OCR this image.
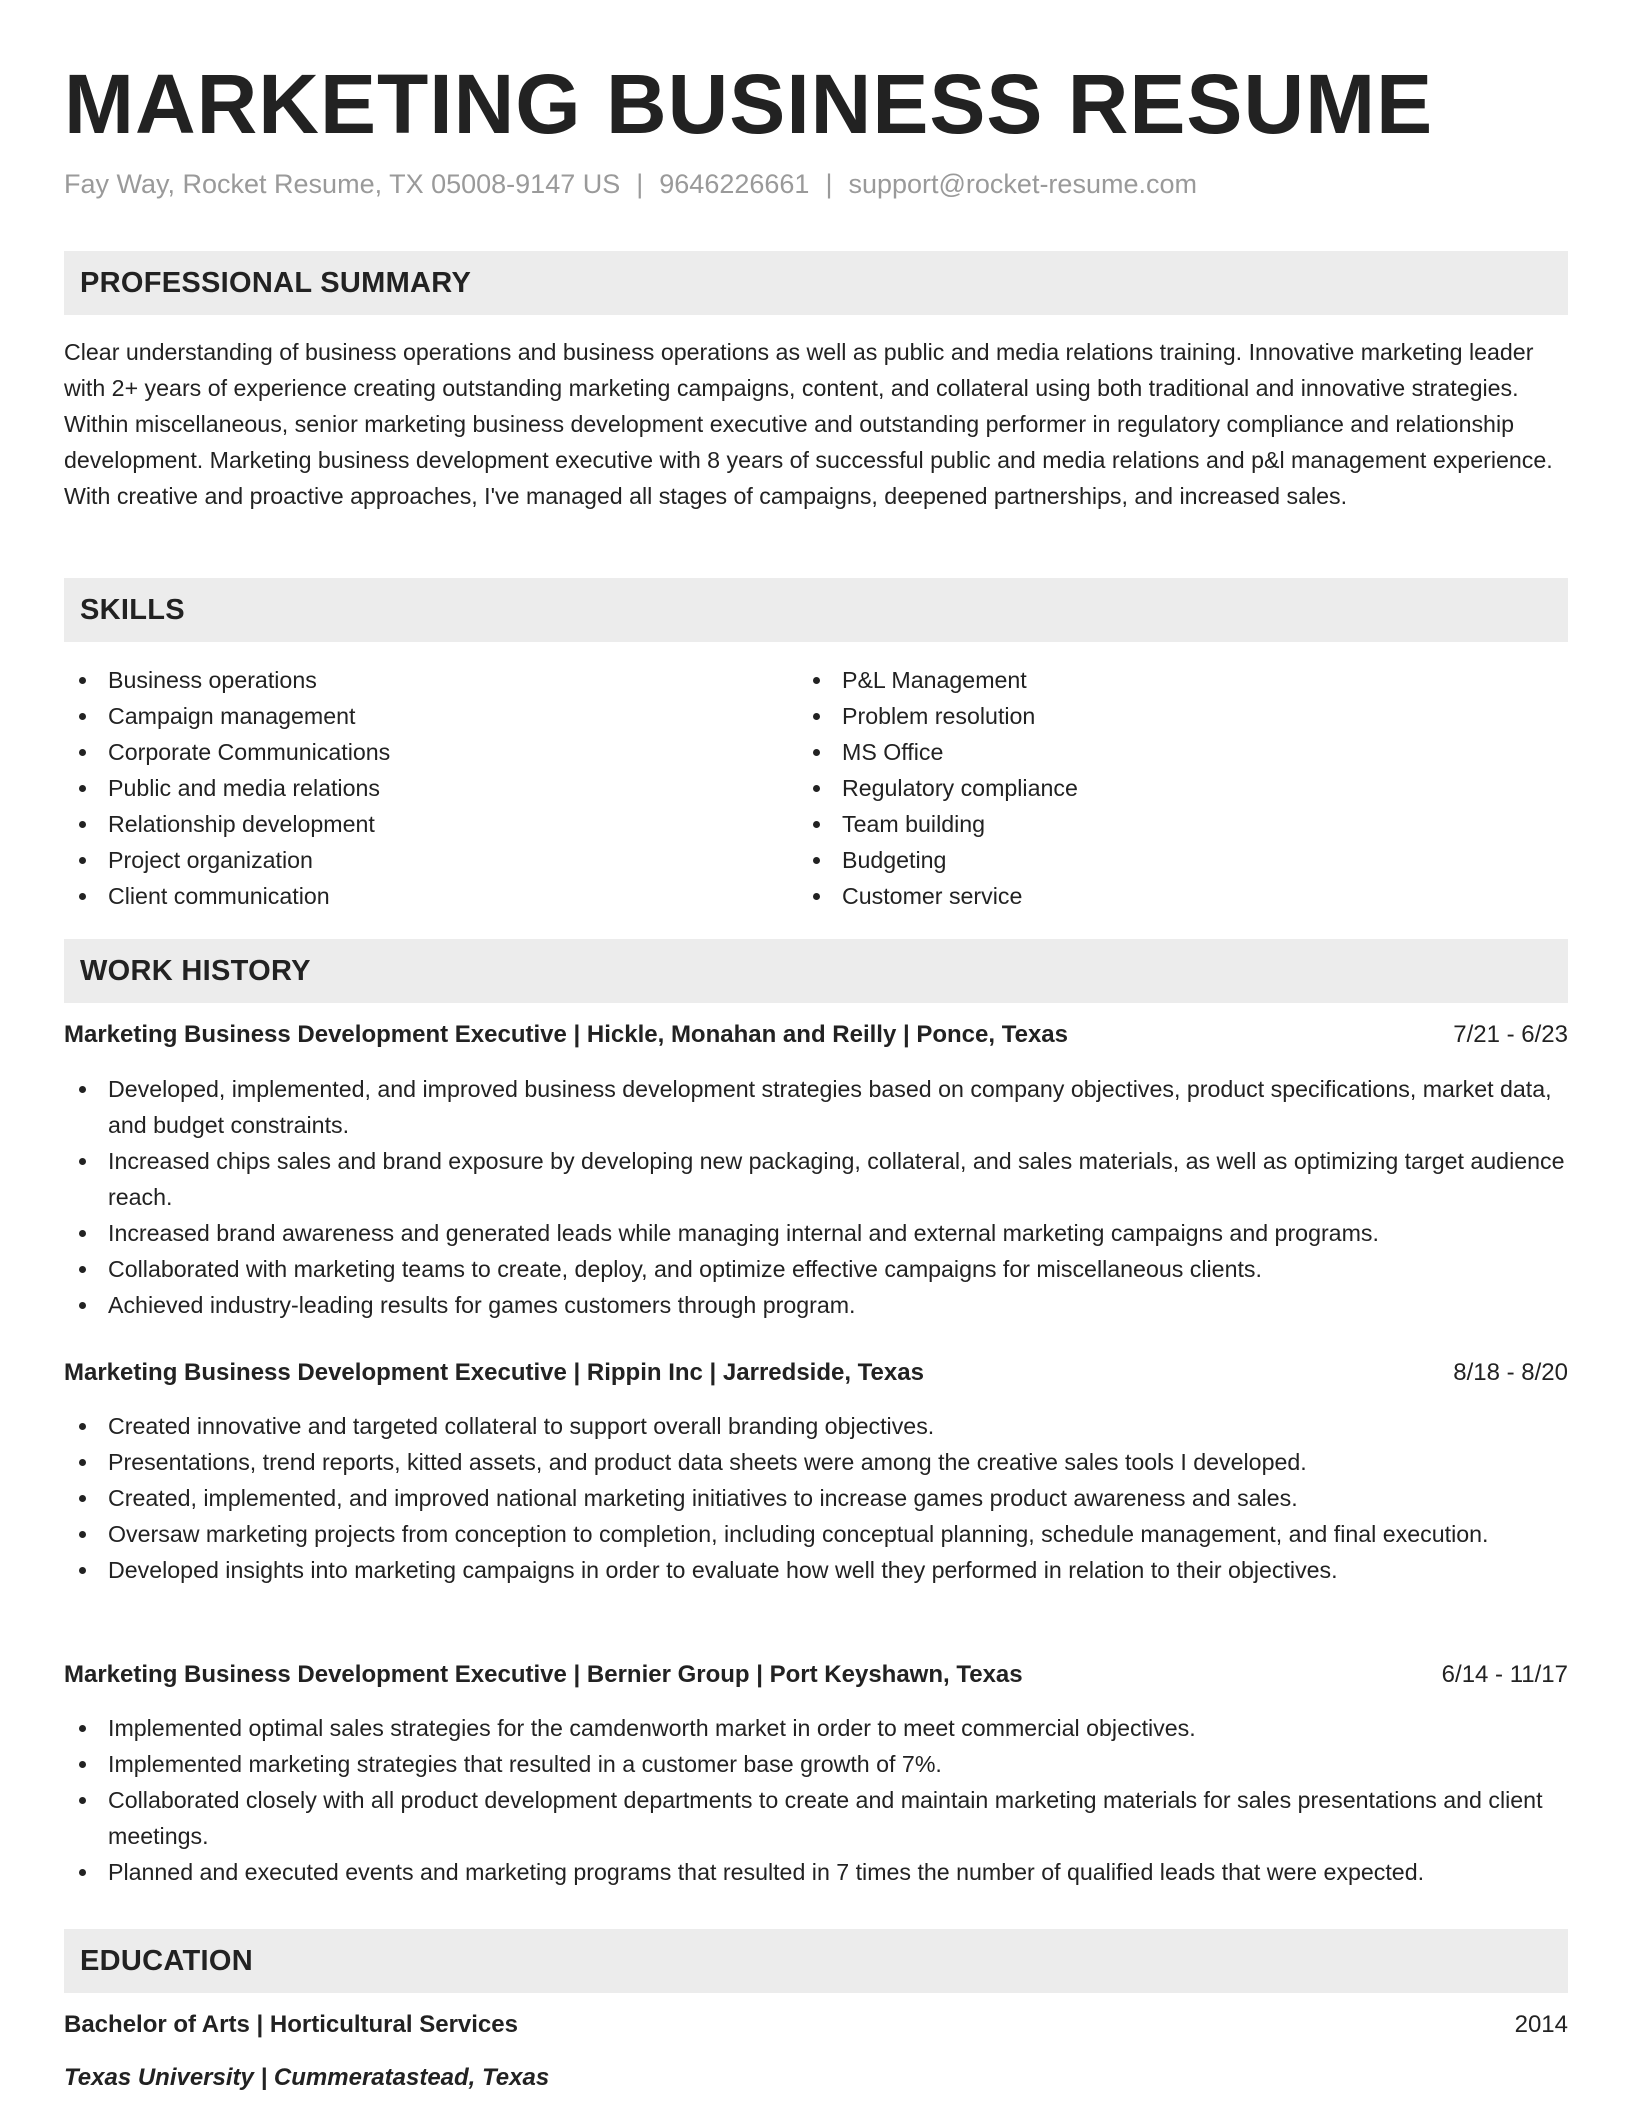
MARKETING BUSINESS RESUME
Fay Way, Rocket Resume, TX 05008-9147 US | 9646226661 | support@rocket-resume.com
PROFESSIONAL SUMMARY

Clear understanding of business operations and business operations as well as public and media relations training. Innovative marketing leader with 2+ years of experience creating outstanding marketing campaigns, content, and collateral using both traditional and innovative strategies. Within miscellaneous, senior marketing business development executive and outstanding performer in regulatory compliance and relationship development. Marketing business development executive with 8 years of successful public and media relations and p&l management experience. With creative and proactive approaches, I've managed all stages of campaigns, deepened partnerships, and increased sales.

SKILLS
Business operations
Campaign management
Corporate Communications
Public and media relations
Relationship development
Project organization
Client communication
P&L Management
Problem resolution
MS Office
Regulatory compliance
Team building
Budgeting
Customer service
WORK HISTORY
Marketing Business Development Executive | Hickle, Monahan and Reilly | Ponce, Texas	7/21 - 6/23
Developed, implemented, and improved business development strategies based on company objectives, product specifications, market data, and budget constraints.
Increased chips sales and brand exposure by developing new packaging, collateral, and sales materials, as well as optimizing target audience reach.
Increased brand awareness and generated leads while managing internal and external marketing campaigns and programs.
Collaborated with marketing teams to create, deploy, and optimize effective campaigns for miscellaneous clients.
Achieved industry-leading results for games customers through program.
Marketing Business Development Executive | Rippin Inc | Jarredside, Texas	8/18 - 8/20
Created innovative and targeted collateral to support overall branding objectives.
Presentations, trend reports, kitted assets, and product data sheets were among the creative sales tools I developed.
Created, implemented, and improved national marketing initiatives to increase games product awareness and sales.
Oversaw marketing projects from conception to completion, including conceptual planning, schedule management, and final execution.
Developed insights into marketing campaigns in order to evaluate how well they performed in relation to their objectives.
Marketing Business Development Executive | Bernier Group | Port Keyshawn, Texas	6/14 - 11/17
Implemented optimal sales strategies for the camdenworth market in order to meet commercial objectives.
Implemented marketing strategies that resulted in a customer base growth of 7%.
Collaborated closely with all product development departments to create and maintain marketing materials for sales presentations and client meetings.
Planned and executed events and marketing programs that resulted in 7 times the number of qualified leads that were expected.
EDUCATION
Bachelor of Arts | Horticultural Services	2014
Texas University | Cummeratastead, Texas
